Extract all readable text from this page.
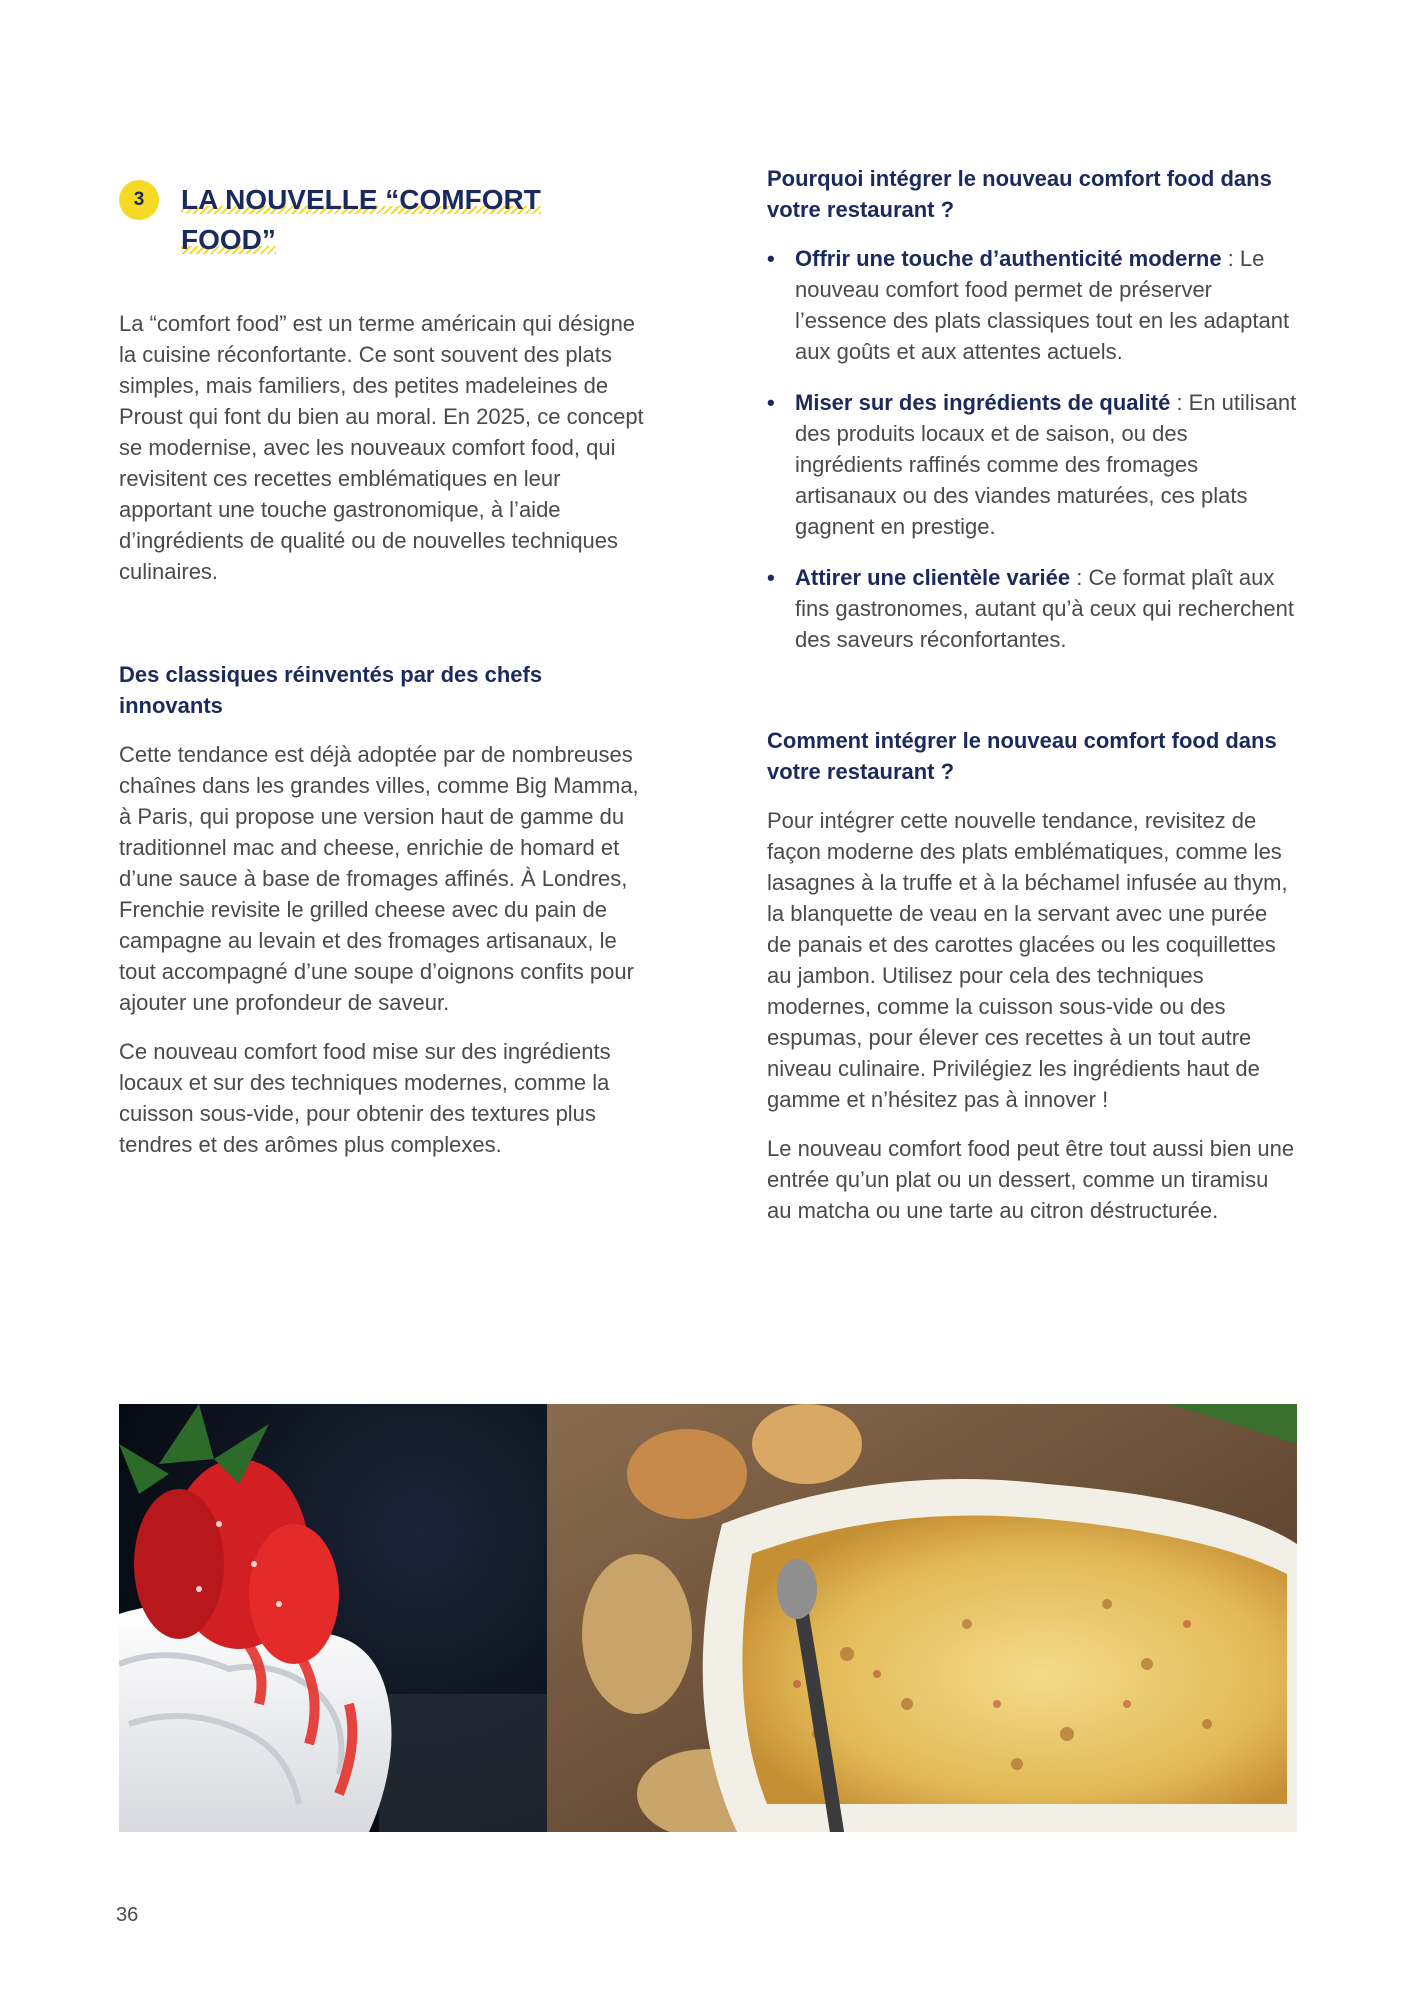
3	LA NOUVELLE “COMFORT
FOOD”

La “comfort food” est un terme américain qui désigne la cuisine réconfortante. Ce sont souvent des plats simples, mais familiers, des petites madeleines de Proust qui font du bien au moral. En 2025, ce concept se modernise, avec les nouveaux comfort food, qui revisitent ces recettes emblématiques en leur apportant une touche gastronomique, à l’aide d’ingrédients de qualité ou de nouvelles techniques culinaires.

Des classiques réinventés par des chefs innovants

Cette tendance est déjà adoptée par de nombreuses chaînes dans les grandes villes, comme Big Mamma, à Paris, qui propose une version haut de gamme du traditionnel mac and cheese, enrichie de homard et d’une sauce à base de fromages affinés. À Londres, Frenchie revisite le grilled cheese avec du pain de campagne au levain et des fromages artisanaux, le tout accompagné d’une soupe d’oignons confits pour ajouter une profondeur de saveur.

Ce nouveau comfort food mise sur des ingrédients locaux et sur des techniques modernes, comme la cuisson sous-vide, pour obtenir des textures plus tendres et des arômes plus complexes.

Pourquoi intégrer le nouveau comfort food dans votre restaurant ?
• Offrir une touche d’authenticité moderne : Le nouveau comfort food permet de préserver l’essence des plats classiques tout en les adaptant aux goûts et aux attentes actuels.
• Miser sur des ingrédients de qualité : En utilisant des produits locaux et de saison, ou des ingrédients raffinés comme des fromages artisanaux ou des viandes maturées, ces plats gagnent en prestige.
• Attirer une clientèle variée : Ce format plaît aux fins gastronomes, autant qu’à ceux qui recherchent des saveurs réconfortantes.
Comment intégrer le nouveau comfort food dans votre restaurant ?

Pour intégrer cette nouvelle tendance, revisitez de façon moderne des plats emblématiques, comme les lasagnes à la truffe et à la béchamel infusée au thym, la blanquette de veau en la servant avec une purée de panais et des carottes glacées ou les coquillettes au jambon. Utilisez pour cela des techniques modernes, comme la cuisson sous-vide ou des espumas, pour élever ces recettes à un tout autre niveau culinaire. Privilégiez les ingrédients haut de gamme et n’hésitez pas à innover !

Le nouveau comfort food peut être tout aussi bien une entrée qu’un plat ou un dessert, comme un tiramisu au matcha ou une tarte au citron déstructurée.

36
